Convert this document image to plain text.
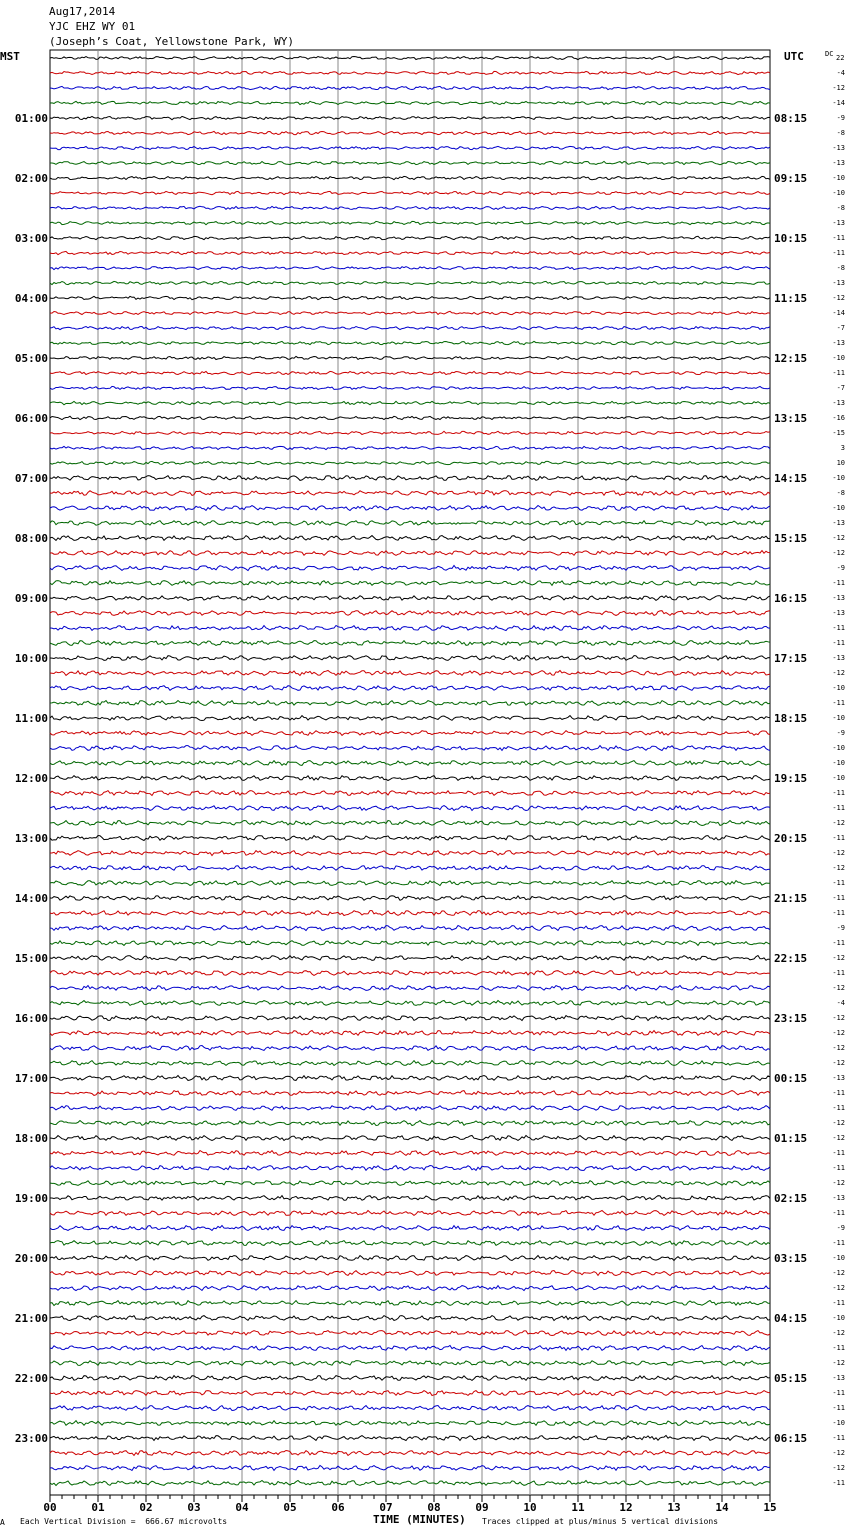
Aug17,2014
YJC EHZ WY 01
(Joseph’s Coat, Yellowstone Park, WY)
MST	UTC	DC 22
01:00
02:00
03:00
04:00
05:00
06:00
07:00
08:00
09:00
10:00
11:00
12:00
13:00
14:00
15:00
16:00
17:00
18:00
19:00
20:00
21:00
22:00
23:00
08:15
09:15
10:15
11:15
12:15
13:15
14:15
15:15
16:15
17:15
18:15
19:15
20:15
21:15
22:15
23:15
00:15
01:15
02:15
03:15
04:15
05:15
06:15
-4
-12
-14
-9
-8
-13
-13
-10
-10
-8
-13
-11
-11
-8
-13
-12
-14
-7
-13
-10
-11
-7
-13
-16
-15
3
10
-10
-8
-10
-13
-12
-12
-9
-11
-13
-13
-11
-11
-13
-12
-10
-11
-10
-9
-10
-10
-10
-11
-11
-12
-11
-12
-12
-11
-11
-11
-9
-11
-12
-11
-12
-4
-12
-12
-12
-12
-13
-11
-11
-12
-12
-11
-11
-12
-13
-11
-9
-11
-10
-12
-12
-11
-10
-12
-11
-12
-13
-11
-11
-10
-11
-12
-12
-11
00	01	02	03	04	05	06	07	08	09	10	11	12	13	14	15
A Each Vertical Division =  666.67 microvolts	TIME (MINUTES) Traces clipped at plus/minus 5 vertical divisions
